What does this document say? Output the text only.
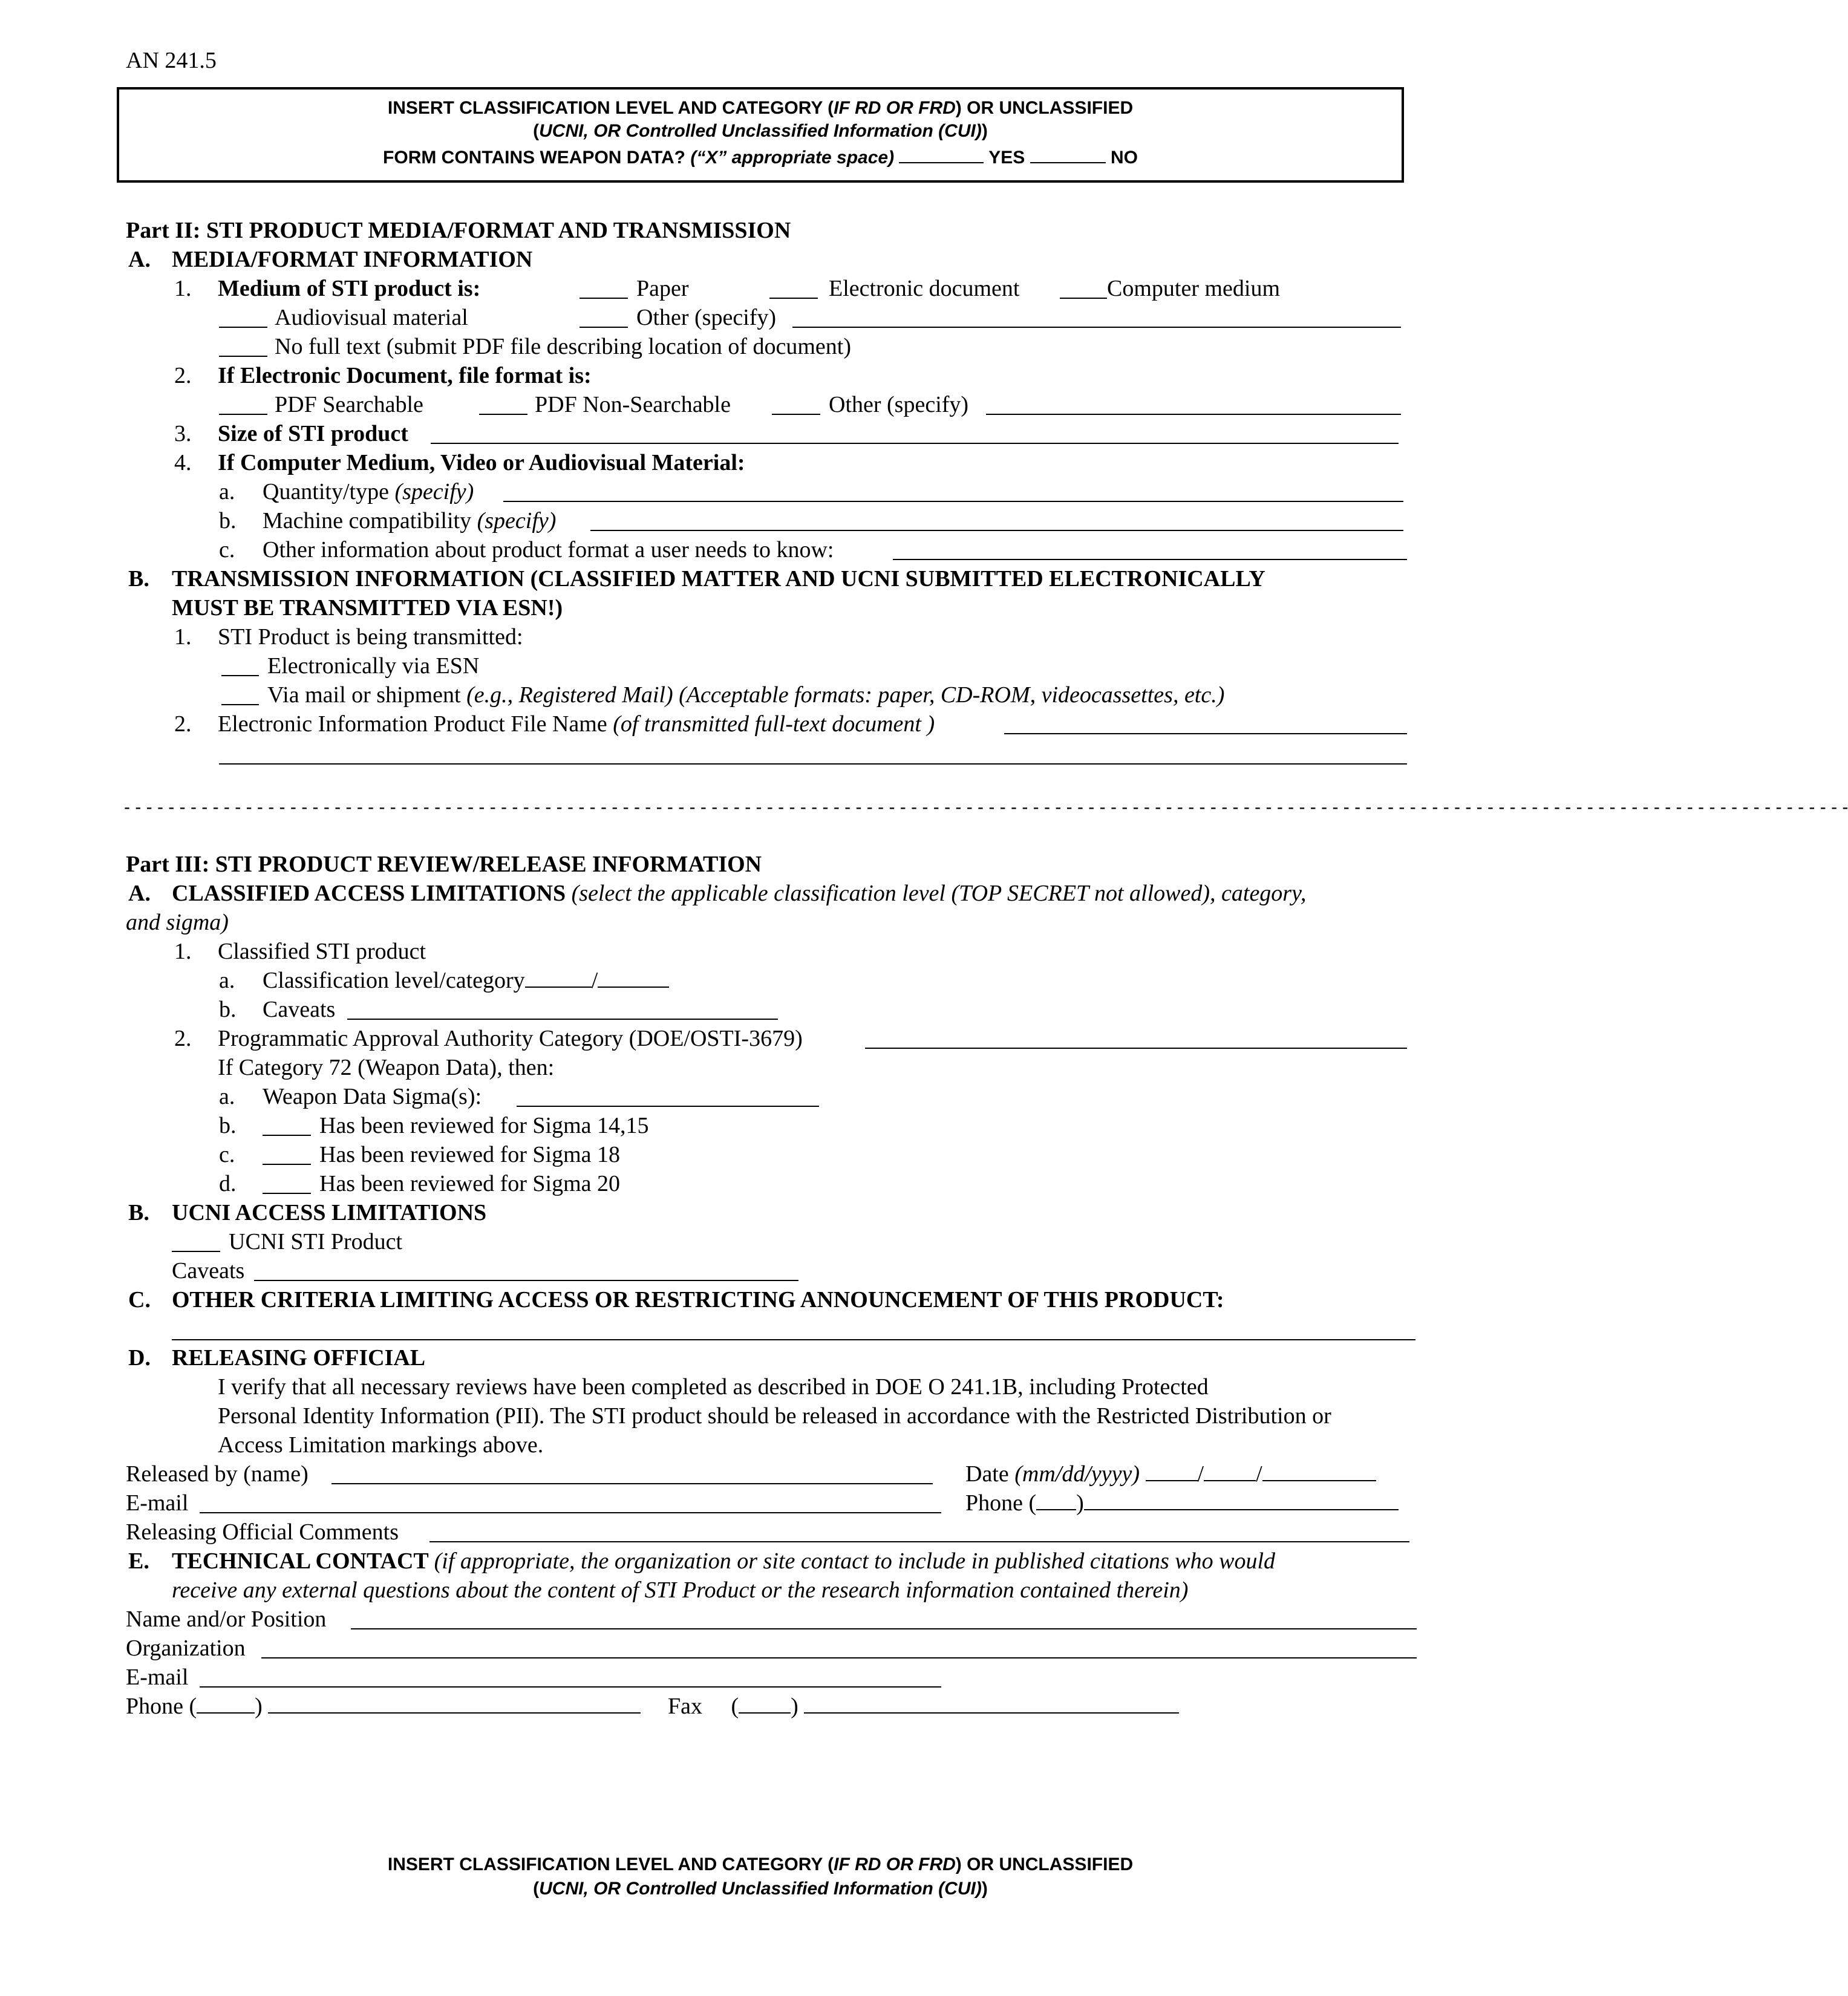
AN 241.5
INSERT CLASSIFICATION LEVEL AND CATEGORY (IF RD OR FRD) OR UNCLASSIFIED
(UCNI, OR Controlled Unclassified Information (CUI))
FORM CONTAINS WEAPON DATA? (“X” appropriate space)	YES	NO
Part II: STI PRODUCT MEDIA/FORMAT AND TRANSMISSION
A. MEDIA/FORMAT INFORMATION
1. Medium of STI product is:	Paper	Electronic document	Computer medium
Audiovisual material	Other (specify)
No full text (submit PDF file describing location of document)
2. If Electronic Document, file format is:
PDF Searchable	PDF Non-Searchable	Other (specify)
3. Size of STI product
4. If Computer Medium, Video or Audiovisual Material:
a. Quantity/type (specify)
b. Machine compatibility (specify)
c. Other information about product format a user needs to know:
B. TRANSMISSION INFORMATION (CLASSIFIED MATTER AND UCNI SUBMITTED ELECTRONICALLY
MUST BE TRANSMITTED VIA ESN!)
1. STI Product is being transmitted:
Electronically via ESN
Via mail or shipment (e.g., Registered Mail) (Acceptable formats: paper, CD-ROM, videocassettes, etc.)
2. Electronic Information Product File Name (of transmitted full-text document )
- - - - - - - - - - - - - - - - - - - - - - - - - - - - - - - - - - - - - - - - - - - - - - - - - - - - - - - - - - - - - - - - - - - - - - - - - - - - - - - - - - - - - - - - - - - - - - - - - - - - - - - - - - - - - - - - - - - - - - - - - - - - - - - - - - - - - - - - - - - - - - - - - - - - - - - - - - - -
Part III: STI PRODUCT REVIEW/RELEASE INFORMATION
A. CLASSIFIED ACCESS LIMITATIONS (select the applicable classification level (TOP SECRET not allowed), category,
and sigma)
1. Classified STI product
a. Classification level/category	/
b. Caveats
2. Programmatic Approval Authority Category (DOE/OSTI-3679)
If Category 72 (Weapon Data), then:
a. Weapon Data Sigma(s):
b.	Has been reviewed for Sigma 14,15
c.	Has been reviewed for Sigma 18
d.	Has been reviewed for Sigma 20
B. UCNI ACCESS LIMITATIONS
UCNI STI Product
Caveats
C. OTHER CRITERIA LIMITING ACCESS OR RESTRICTING ANNOUNCEMENT OF THIS PRODUCT:
D. RELEASING OFFICIAL
I verify that all necessary reviews have been completed as described in DOE O 241.1B, including Protected
Personal Identity Information (PII). The STI product should be released in accordance with the Restricted Distribution or
Access Limitation markings above.
Released by (name)	Date (mm/dd/yyyy)	/ /
E-mail	Phone ( )
Releasing Official Comments
E. TECHNICAL CONTACT (if appropriate, the organization or site contact to include in published citations who would
receive any external questions about the content of STI Product or the research information contained therein)
Name and/or Position
Organization
E-mail
Phone (	)	Fax ( )
INSERT CLASSIFICATION LEVEL AND CATEGORY (IF RD OR FRD) OR UNCLASSIFIED
(UCNI, OR Controlled Unclassified Information (CUI))
